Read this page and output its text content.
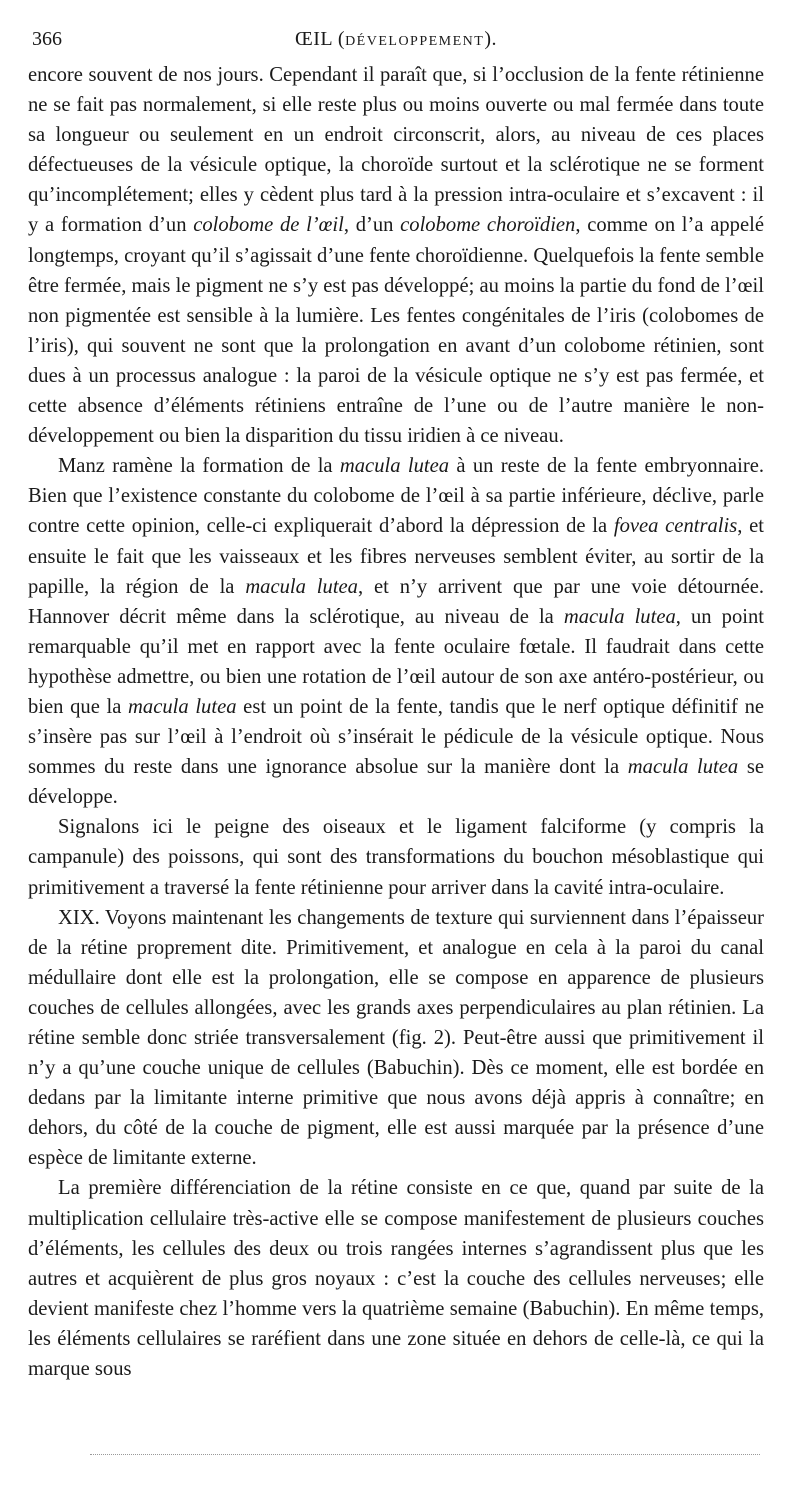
366	ŒIL (DÉVELOPPEMENT).

encore souvent de nos jours. Cependant il paraît que, si l’occlusion de la fente rétinienne ne se fait pas normalement, si elle reste plus ou moins ouverte ou mal fermée dans toute sa longueur ou seulement en un endroit circonscrit, alors, au niveau de ces places défectueuses de la vésicule optique, la choroïde surtout et la sclérotique ne se forment qu’incomplétement; elles y cèdent plus tard à la pression intra-oculaire et s’excavent : il y a formation d’un colobome de l’œil, d’un colobome choroïdien, comme on l’a appelé longtemps, croyant qu’il s’agissait d’une fente choroïdienne. Quelquefois la fente semble être fermée, mais le pigment ne s’y est pas développé; au moins la partie du fond de l’œil non pigmentée est sensible à la lumière. Les fentes congénitales de l’iris (colobomes de l’iris), qui souvent ne sont que la prolongation en avant d’un colobome rétinien, sont dues à un processus analogue : la paroi de la vésicule optique ne s’y est pas fermée, et cette absence d’éléments rétiniens entraîne de l’une ou de l’autre manière le non-développement ou bien la disparition du tissu iridien à ce niveau.

Manz ramène la formation de la macula lutea à un reste de la fente embryonnaire. Bien que l’existence constante du colobome de l’œil à sa partie inférieure, déclive, parle contre cette opinion, celle-ci expliquerait d’abord la dépression de la fovea centralis, et ensuite le fait que les vaisseaux et les fibres nerveuses semblent éviter, au sortir de la papille, la région de la macula lutea, et n’y arrivent que par une voie détournée. Hannover décrit même dans la sclérotique, au niveau de la macula lutea, un point remarquable qu’il met en rapport avec la fente oculaire fœtale. Il faudrait dans cette hypothèse admettre, ou bien une rotation de l’œil autour de son axe antéro-postérieur, ou bien que la macula lutea est un point de la fente, tandis que le nerf optique définitif ne s’insère pas sur l’œil à l’endroit où s’insérait le pédicule de la vésicule optique. Nous sommes du reste dans une ignorance absolue sur la manière dont la macula lutea se développe.

Signalons ici le peigne des oiseaux et le ligament falciforme (y compris la campanule) des poissons, qui sont des transformations du bouchon mésoblastique qui primitivement a traversé la fente rétinienne pour arriver dans la cavité intra-oculaire.

XIX. Voyons maintenant les changements de texture qui surviennent dans l’épaisseur de la rétine proprement dite. Primitivement, et analogue en cela à la paroi du canal médullaire dont elle est la prolongation, elle se compose en apparence de plusieurs couches de cellules allongées, avec les grands axes perpendiculaires au plan rétinien. La rétine semble donc striée transversalement (fig. 2). Peut-être aussi que primitivement il n’y a qu’une couche unique de cellules (Babuchin). Dès ce moment, elle est bordée en dedans par la limitante interne primitive que nous avons déjà appris à connaître; en dehors, du côté de la couche de pigment, elle est aussi marquée par la présence d’une espèce de limitante externe.

La première différenciation de la rétine consiste en ce que, quand par suite de la multiplication cellulaire très-active elle se compose manifestement de plusieurs couches d’éléments, les cellules des deux ou trois rangées internes s’agrandissent plus que les autres et acquièrent de plus gros noyaux : c’est la couche des cellules nerveuses; elle devient manifeste chez l’homme vers la quatrième semaine (Babuchin). En même temps, les éléments cellulaires se raréfient dans une zone située en dehors de celle-là, ce qui la marque sous
